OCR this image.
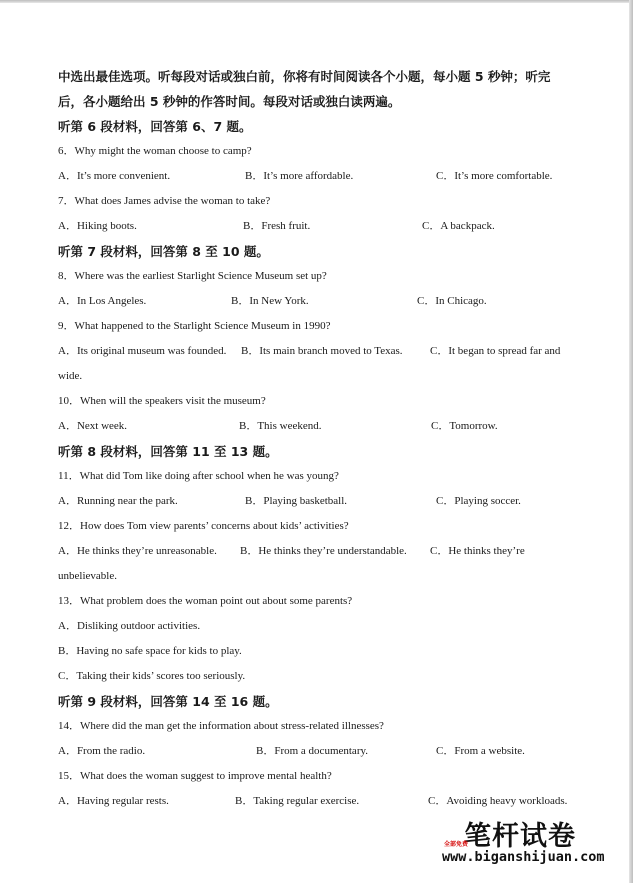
中选出最佳选项。听每段对话或独白前，你将有时间阅读各个小题，每小题 5 秒钟；听完
后，各小题给出 5 秒钟的作答时间。每段对话或独白读两遍。
听第 6 段材料，回答第 6、7 题。
6．Why might the woman choose to camp?
A．It’s more convenient.	B．It’s more affordable.	C．It’s more comfortable.
7．What does James advise the woman to take?
A．Hiking boots.	B．Fresh fruit.	C．A backpack.
听第 7 段材料，回答第 8 至 10 题。
8．Where was the earliest Starlight Science Museum set up?
A．In Los Angeles.	B．In New York.	C．In Chicago.
9．What happened to the Starlight Science Museum in 1990?
A．Its original museum was founded. B．Its main branch moved to Texas. C．It began to spread far and
wide.
10．When will the speakers visit the museum?
A．Next week.	B．This weekend.	C．Tomorrow.
听第 8 段材料，回答第 11 至 13 题。
11．What did Tom like doing after school when he was young?
A．Running near the park.	B．Playing basketball.	C．Playing soccer.
12．How does Tom view parents’ concerns about kids’ activities?
A．He thinks they’re unreasonable. B．He thinks they’re understandable. C．He thinks they’re
unbelievable.
13．What problem does the woman point out about some parents?
A．Disliking outdoor activities.
B．Having no safe space for kids to play.
C．Taking their kids’ scores too seriously.
听第 9 段材料，回答第 14 至 16 题。
14．Where did the man get the information about stress-related illnesses?
A．From the radio.	B．From a documentary.	C．From a website.
15．What does the woman suggest to improve mental health?
A．Having regular rests.	B．Taking regular exercise.	C．Avoiding heavy workloads.
笔杆试卷
全部免费
www.biganshijuan.com
